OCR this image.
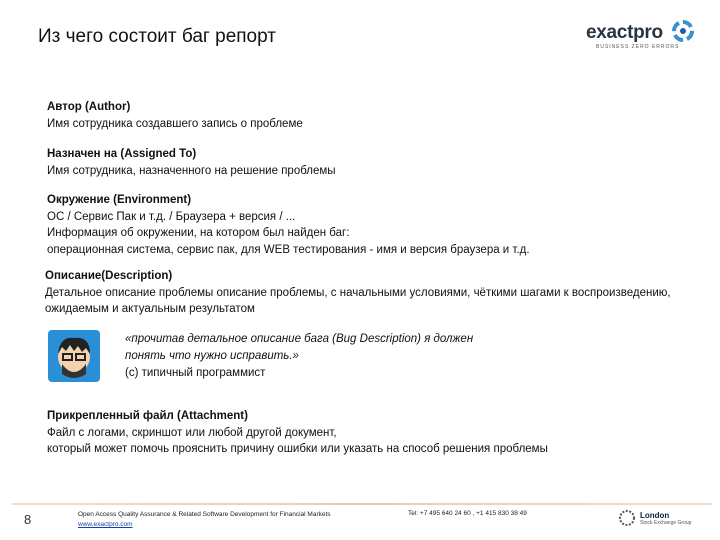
Из чего состоит баг репорт	exactpro
BUSINESS ZERO ERRORS
Автор (Author)
Имя сотрудника создавшего запись о проблеме
Назначен на (Assigned To)
Имя сотрудника, назначенного на решение проблемы
Окружение (Environment)
ОС / Сервис Пак и т.д. / Браузера + версия / ...
Информация об окружении, на котором был найден баг:
операционная система, сервис пак, для WEB тестирования - имя и версия браузера и т.д.
Описание(Description)
Детальное описание проблемы описание проблемы, с начальными условиями, чёткими шагами к воспроизведению,
ожидаемым и актуальным результатом
«прочитав детальное описание бага (Bug Description) я должен
понять что нужно исправить.»
(с) типичный программист
Прикрепленный файл (Attachment)
Файл с логами, скриншот или любой другой документ,
который может помочь прояснить причину ошибки или указать на способ решения проблемы
8	Open Access Quality Assurance & Related Software Development for Financial Markets
www.exactpro.com
Tel: +7 495 640 24 60 , +1 415 830 38 49	London
Stock Exchange Group
